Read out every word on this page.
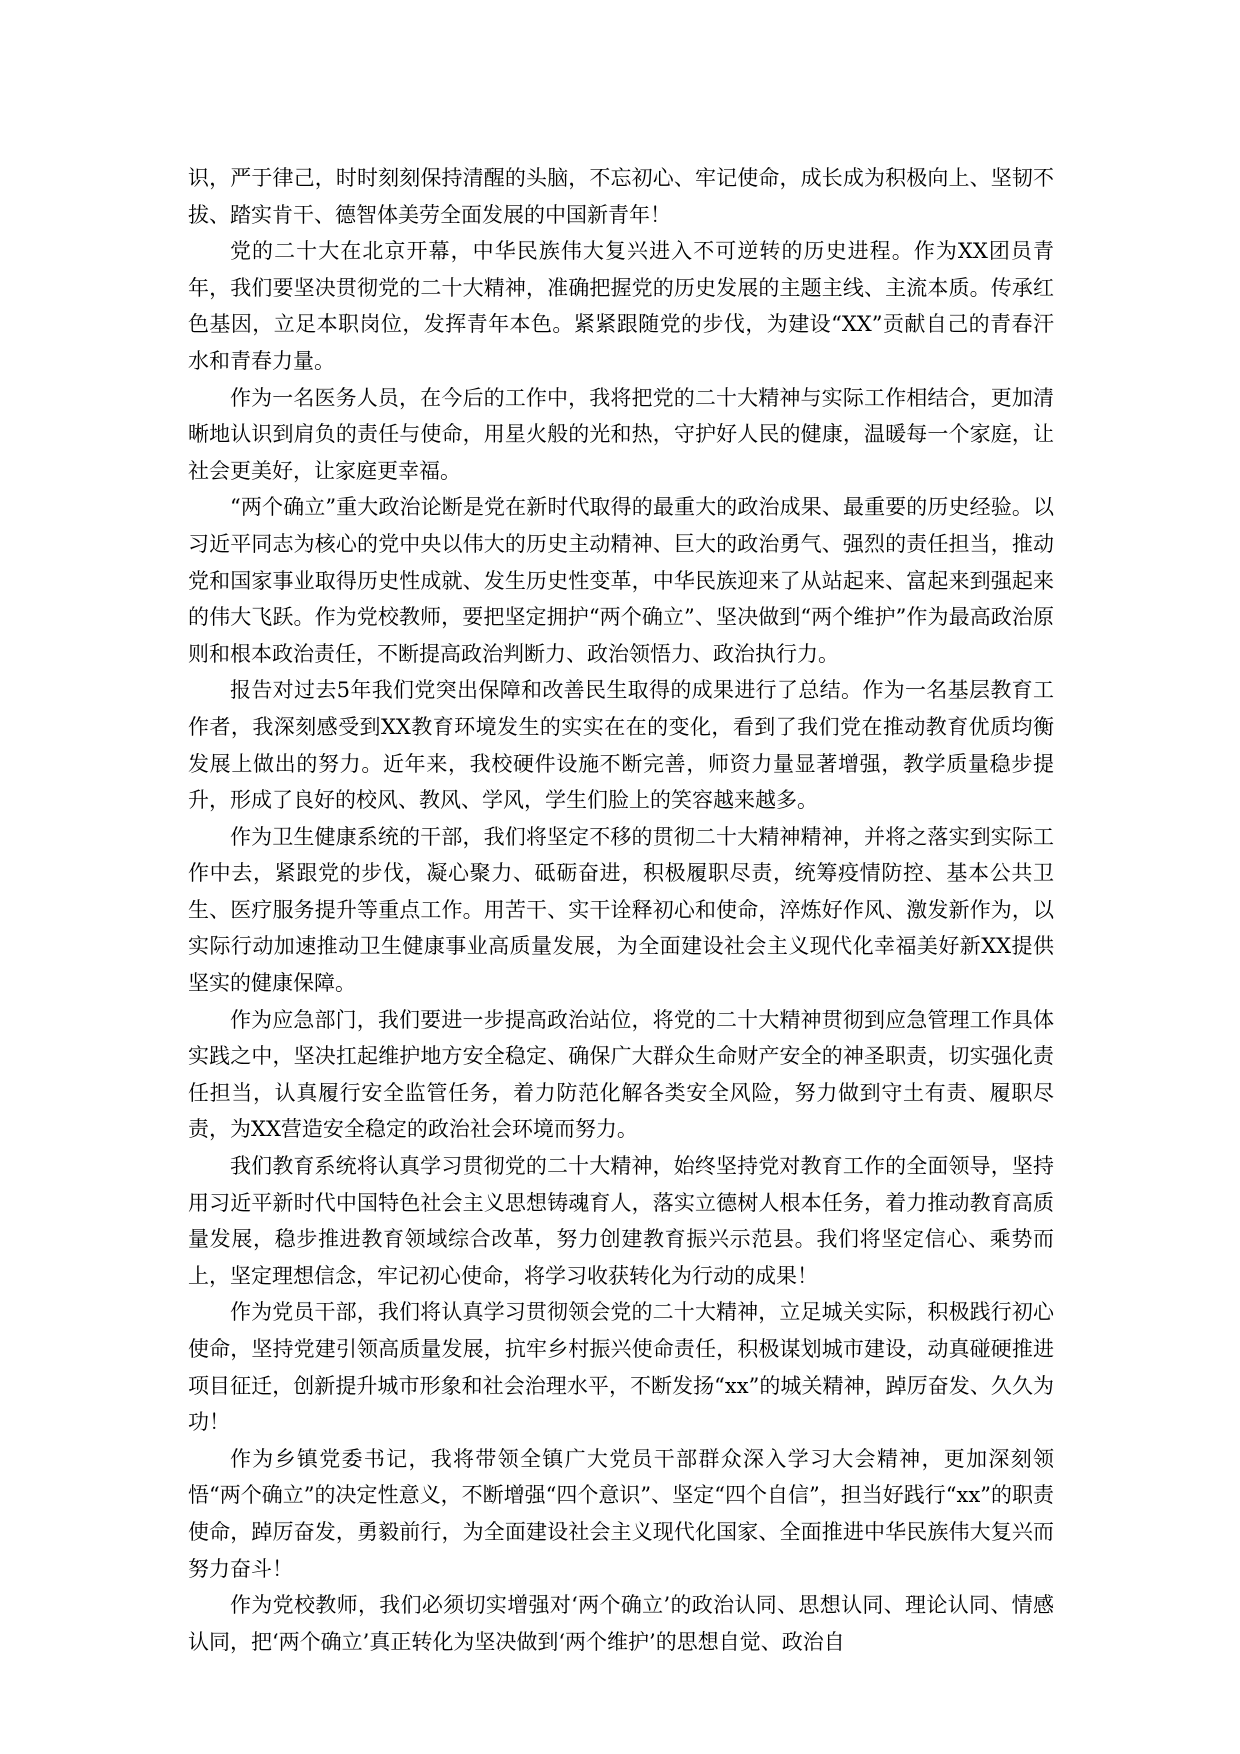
识，严于律己，时时刻刻保持清醒的头脑，不忘初心、牢记使命，成长成为积极向上、坚韧不拔、踏实肯干、德智体美劳全面发展的中国新青年！

党的二十大在北京开幕，中华民族伟大复兴进入不可逆转的历史进程。作为XX团员青年，我们要坚决贯彻党的二十大精神，准确把握党的历史发展的主题主线、主流本质。传承红色基因，立足本职岗位，发挥青年本色。紧紧跟随党的步伐，为建设“XX”贡献自己的青春汗水和青春力量。

作为一名医务人员，在今后的工作中，我将把党的二十大精神与实际工作相结合，更加清晰地认识到肩负的责任与使命，用星火般的光和热，守护好人民的健康，温暖每一个家庭，让社会更美好，让家庭更幸福。

“两个确立”重大政治论断是党在新时代取得的最重大的政治成果、最重要的历史经验。以习近平同志为核心的党中央以伟大的历史主动精神、巨大的政治勇气、强烈的责任担当，推动党和国家事业取得历史性成就、发生历史性变革，中华民族迎来了从站起来、富起来到强起来的伟大飞跃。作为党校教师，要把坚定拥护“两个确立”、坚决做到“两个维护”作为最高政治原则和根本政治责任，不断提高政治判断力、政治领悟力、政治执行力。

报告对过去5年我们党突出保障和改善民生取得的成果进行了总结。作为一名基层教育工作者，我深刻感受到XX教育环境发生的实实在在的变化，看到了我们党在推动教育优质均衡发展上做出的努力。近年来，我校硬件设施不断完善，师资力量显著增强，教学质量稳步提升，形成了良好的校风、教风、学风，学生们脸上的笑容越来越多。

作为卫生健康系统的干部，我们将坚定不移的贯彻二十大精神精神，并将之落实到实际工作中去，紧跟党的步伐，凝心聚力、砥砺奋进，积极履职尽责，统筹疫情防控、基本公共卫生、医疗服务提升等重点工作。用苦干、实干诠释初心和使命，淬炼好作风、激发新作为，以实际行动加速推动卫生健康事业高质量发展，为全面建设社会主义现代化幸福美好新XX提供坚实的健康保障。

作为应急部门，我们要进一步提高政治站位，将党的二十大精神贯彻到应急管理工作具体实践之中，坚决扛起维护地方安全稳定、确保广大群众生命财产安全的神圣职责，切实强化责任担当，认真履行安全监管任务，着力防范化解各类安全风险，努力做到守土有责、履职尽责，为XX营造安全稳定的政治社会环境而努力。

我们教育系统将认真学习贯彻党的二十大精神，始终坚持党对教育工作的全面领导，坚持用习近平新时代中国特色社会主义思想铸魂育人，落实立德树人根本任务，着力推动教育高质量发展，稳步推进教育领域综合改革，努力创建教育振兴示范县。我们将坚定信心、乘势而上，坚定理想信念，牢记初心使命，将学习收获转化为行动的成果！

作为党员干部，我们将认真学习贯彻领会党的二十大精神，立足城关实际，积极践行初心使命，坚持党建引领高质量发展，抗牢乡村振兴使命责任，积极谋划城市建设，动真碰硬推进项目征迁，创新提升城市形象和社会治理水平，不断发扬“xx”的城关精神，踔厉奋发、久久为功！

作为乡镇党委书记，我将带领全镇广大党员干部群众深入学习大会精神，更加深刻领悟“两个确立”的决定性意义，不断增强“四个意识”、坚定“四个自信”，担当好践行“xx”的职责使命，踔厉奋发，勇毅前行，为全面建设社会主义现代化国家、全面推进中华民族伟大复兴而努力奋斗！

作为党校教师，我们必须切实增强对‘两个确立’的政治认同、思想认同、理论认同、情感认同，把‘两个确立’真正转化为坚决做到‘两个维护’的思想自觉、政治自
